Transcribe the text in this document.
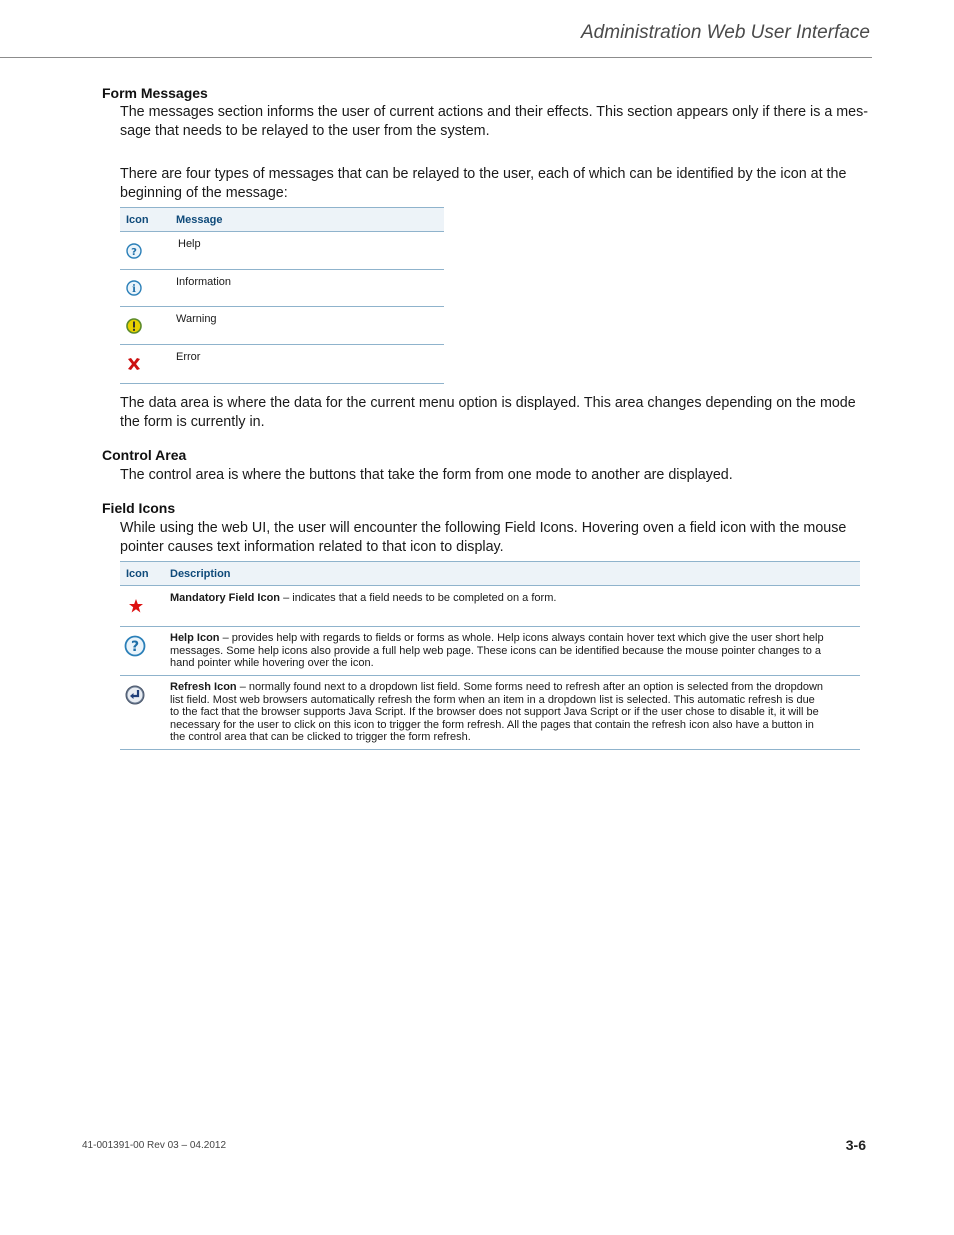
Administration Web User Interface
Form Messages
The messages section informs the user of current actions and their effects. This section appears only if there is a mes-
sage that needs to be relayed to the user from the system.
There are four types of messages that can be relayed to the user, each of which can be identified by the icon at the
beginning of the message:
Icon	Message

?	Help

i	Information
	Warning
	Error
The data area is where the data for the current menu option is displayed. This area changes depending on the mode
the form is currently in.
Control Area
The control area is where the buttons that take the form from one mode to another are displayed.
Field Icons
While using the web UI, the user will encounter the following Field Icons. Hovering oven a field icon with the mouse
pointer causes text information related to that icon to display.
Icon	Description
	Mandatory Field Icon – indicates that a field needs to be completed on a form.

?	Help Icon – provides help with regards to fields or forms as whole. Help icons always contain hover text which give the user short help
messages. Some help icons also provide a full help web page. These icons can be identified because the mouse pointer changes to a
hand pointer while hovering over the icon.
	Refresh Icon – normally found next to a dropdown list field. Some forms need to refresh after an option is selected from the dropdown
list field. Most web browsers automatically refresh the form when an item in a dropdown list is selected. This automatic refresh is due
to the fact that the browser supports Java Script. If the browser does not support Java Script or if the user chose to disable it, it will be
necessary for the user to click on this icon to trigger the form refresh. All the pages that contain the refresh icon also have a button in
the control area that can be clicked to trigger the form refresh.
41-001391-00 Rev 03 – 04.2012	3-6
